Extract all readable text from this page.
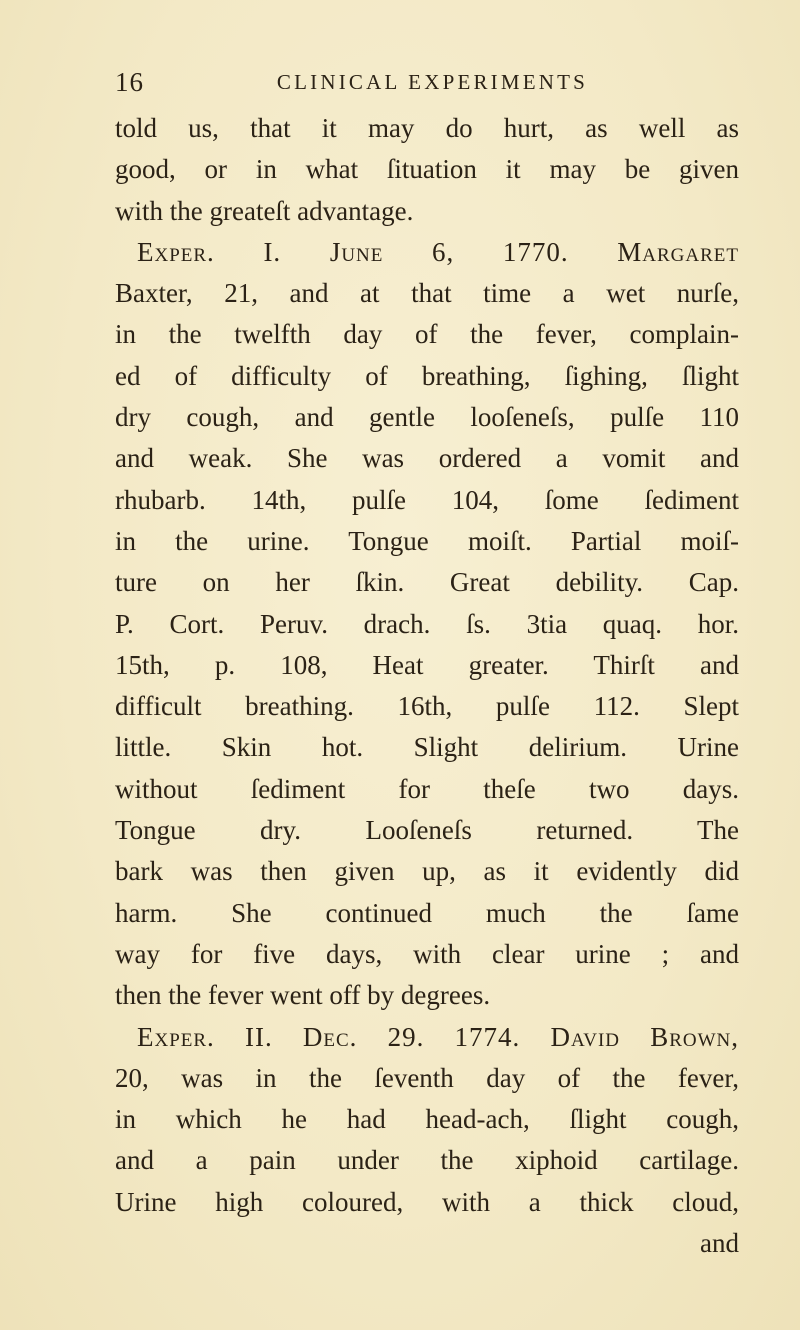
16	CLINICAL EXPERIMENTS
told us, that it may do hurt, as well as
good, or in what ſituation it may be given
with the greateſt advantage.
Exper. I. June 6, 1770. Margaret
Baxter, 21, and at that time a wet nurſe,
in the twelfth day of the fever, complain-
ed of difficulty of breathing, ſighing, ſlight
dry cough, and gentle looſeneſs, pulſe 110
and weak. She was ordered a vomit and
rhubarb. 14th, pulſe 104, ſome ſediment
in the urine. Tongue moiſt. Partial moiſ-
ture on her ſkin. Great debility. Cap.
P. Cort. Peruv. drach. ſs. 3tia quaq. hor.
15th, p. 108, Heat greater. Thirſt and
difficult breathing. 16th, pulſe 112. Slept
little. Skin hot. Slight delirium. Urine
without ſediment for theſe two days.
Tongue dry. Looſeneſs returned. The
bark was then given up, as it evidently did
harm. She continued much the ſame
way for five days, with clear urine ; and
then the fever went off by degrees.
Exper. II. Dec. 29. 1774. David Brown,
20, was in the ſeventh day of the fever,
in which he had head-ach, ſlight cough,
and a pain under the xiphoid cartilage.
Urine high coloured, with a thick cloud,
and
